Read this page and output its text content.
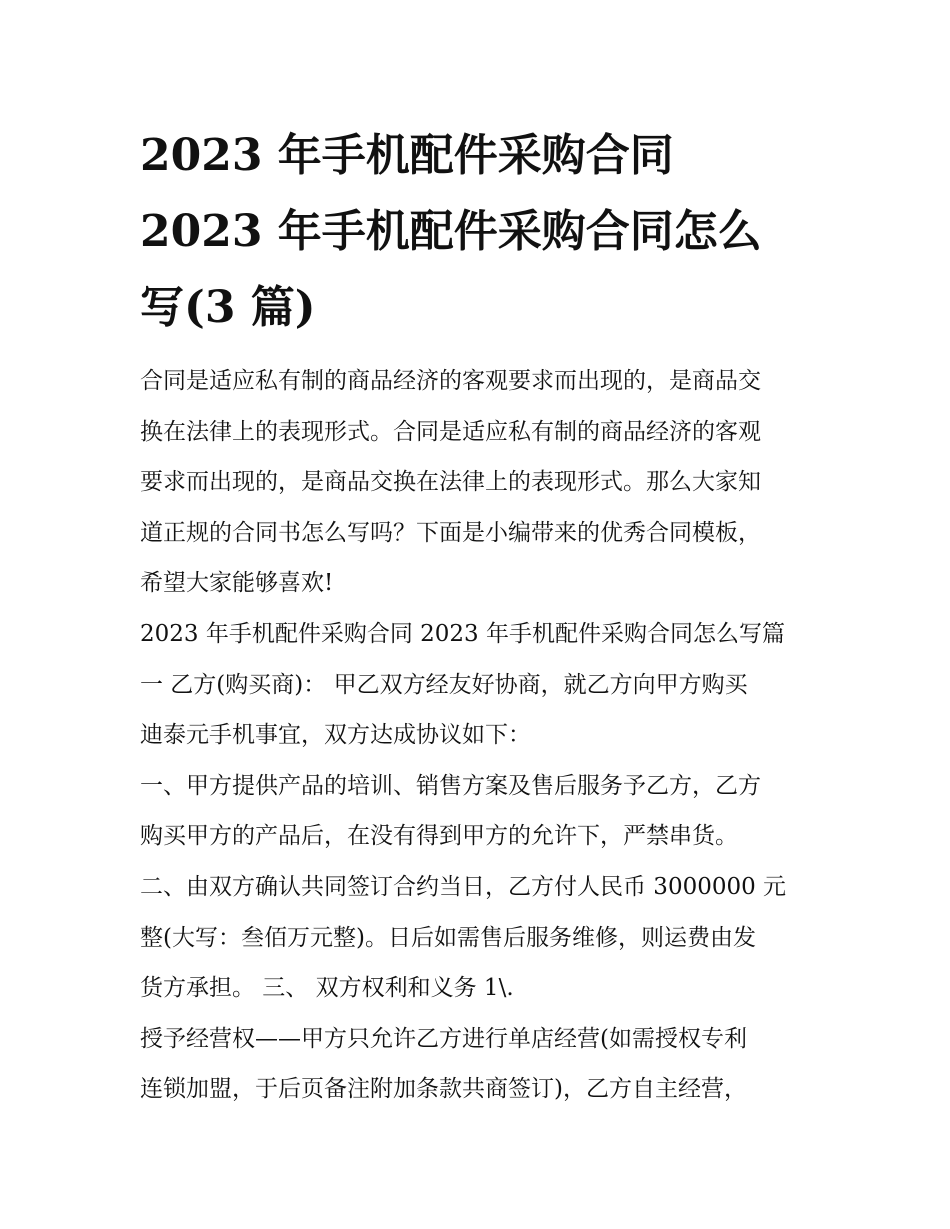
2023 年手机配件采购合同
2023 年手机配件采购合同怎么
写(3 篇)
合同是适应私有制的商品经济的客观要求而出现的，是商品交
换在法律上的表现形式。合同是适应私有制的商品经济的客观
要求而出现的，是商品交换在法律上的表现形式。那么大家知
道正规的合同书怎么写吗？下面是小编带来的优秀合同模板，
希望大家能够喜欢!
2023 年手机配件采购合同 2023 年手机配件采购合同怎么写篇
一 乙方(购买商)： 甲乙双方经友好协商，就乙方向甲方购买
迪泰元手机事宜，双方达成协议如下：
一、甲方提供产品的培训、销售方案及售后服务予乙方，乙方
购买甲方的产品后，在没有得到甲方的允许下，严禁串货。
二、由双方确认共同签订合约当日，乙方付人民币 3000000 元
整(大写：叁佰万元整)。日后如需售后服务维修，则运费由发
货方承担。 三、 双方权利和义务 1\.
授予经营权——甲方只允许乙方进行单店经营(如需授权专利
连锁加盟，于后页备注附加条款共商签订)，乙方自主经营，
